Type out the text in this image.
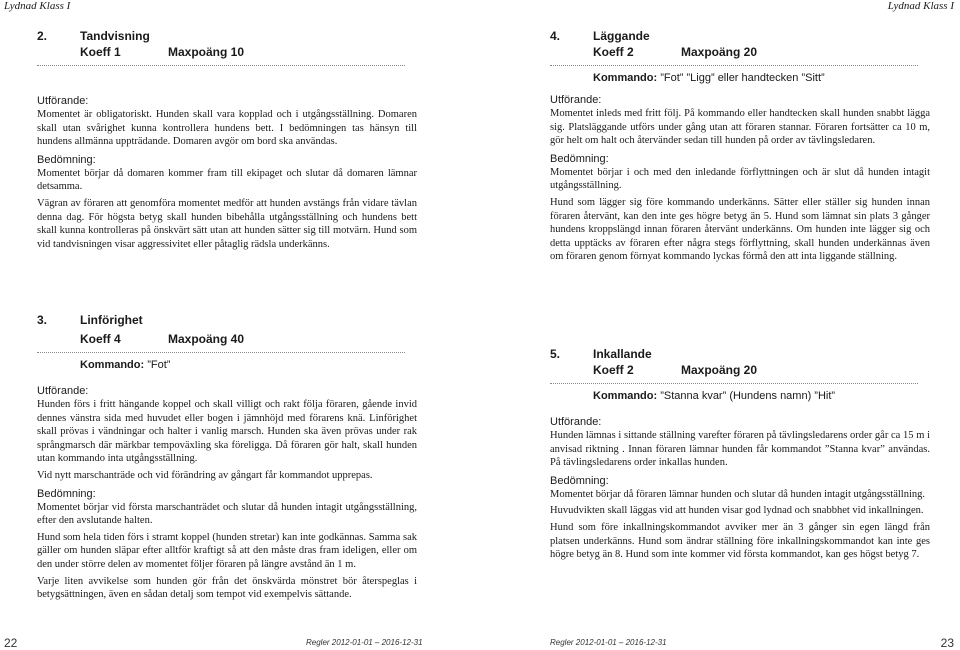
Lydnad Klass I	Lydnad Klass I
2.	Tandvisning
Koeff 1	Maxpoäng 10
Utförande:

Momentet är obligatoriskt. Hunden skall vara kopplad och i utgångsställning. Domaren skall utan svårighet kunna kontrollera hundens bett. I bedömningen tas hänsyn till hundens allmänna uppträdande. Domaren avgör om bord ska användas.

Bedömning:

Momentet börjar då domaren kommer fram till ekipaget och slutar då domaren lämnar detsamma.

Vägran av föraren att genomföra momentet medför att hunden avstängs från vidare tävlan denna dag. För högsta betyg skall hunden bibehålla utgångsställning och hundens bett skall kunna kontrolleras på önskvärt sätt utan att hunden sätter sig till motvärn. Hund som vid tandvisningen visar aggressivitet eller påtaglig rädsla underkänns.

3.	Linförighet
Koeff 4	Maxpoäng 40
Kommando: ”Fot”
Utförande:

Hunden förs i fritt hängande koppel och skall villigt och rakt följa föraren, gående invid dennes vänstra sida med huvudet eller bogen i jämnhöjd med förarens knä. Linförighet skall prövas i vändningar och halter i vanlig marsch. Hunden ska även prövas under rak språngmarsch där märkbar tempoväxling ska föreligga. Då föraren gör halt, skall hunden utan kommando inta utgångsställning.

Vid nytt marschanträde och vid förändring av gångart får kommandot upprepas.

Bedömning:

Momentet börjar vid första marschanträdet och slutar då hunden intagit utgångsställning, efter den avslutande halten.

Hund som hela tiden förs i stramt koppel (hunden stretar) kan inte godkännas. Samma sak gäller om hunden släpar efter alltför kraftigt så att den måste dras fram ideligen, eller om den under större delen av momentet följer föraren på längre avstånd än 1 m.

Varje liten avvikelse som hunden gör från det önskvärda mönstret bör återspeglas i betygsättningen, även en sådan detalj som tempot vid exempelvis sättande.

4.	Läggande
Koeff 2	Maxpoäng 20
Kommando: ”Fot” ”Ligg” eller handtecken ”Sitt”
Utförande:

Momentet inleds med fritt följ. På kommando eller handtecken skall hunden snabbt lägga sig. Platsläggande utförs under gång utan att föraren stannar. Föraren fortsätter ca 10 m, gör helt om halt och återvänder sedan till hunden på order av tävlingsledaren.

Bedömning:

Momentet börjar i och med den inledande förflyttningen och är slut då hunden intagit utgångsställning.

Hund som lägger sig före kommando underkänns. Sätter eller ställer sig hunden innan föraren återvänt, kan den inte ges högre betyg än 5. Hund som lämnat sin plats 3 gånger hundens kroppslängd innan föraren återvänt underkänns. Om hunden inte lägger sig och detta upptäcks av föraren efter några stegs förflyttning, skall hunden underkännas även om föraren genom förnyat kommando lyckas förmå den att inta liggande ställning.

5.	Inkallande
Koeff 2	Maxpoäng 20
Kommando: ”Stanna kvar” (Hundens namn) ”Hit”
Utförande:

Hunden lämnas i sittande ställning varefter föraren på tävlingsledarens order går ca 15 m i anvisad riktning . Innan föraren lämnar hunden får kommandot ”Stanna kvar” användas. På tävlingsledarens order inkallas hunden.

Bedömning:

Momentet börjar då föraren lämnar hunden och slutar då hunden intagit utgångsställning.

Huvudvikten skall läggas vid att hunden visar god lydnad och snabbhet vid inkallningen.

Hund som före inkallningskommandot avviker mer än 3 gånger sin egen längd från platsen underkänns. Hund som ändrar ställning före inkallningskommandot kan inte ges högre betyg än 8. Hund som inte kommer vid första kommandot, kan ges högst betyg 7.

22	Regler 2012-01-01 – 2016-12-31	Regler 2012-01-01 – 2016-12-31	23
